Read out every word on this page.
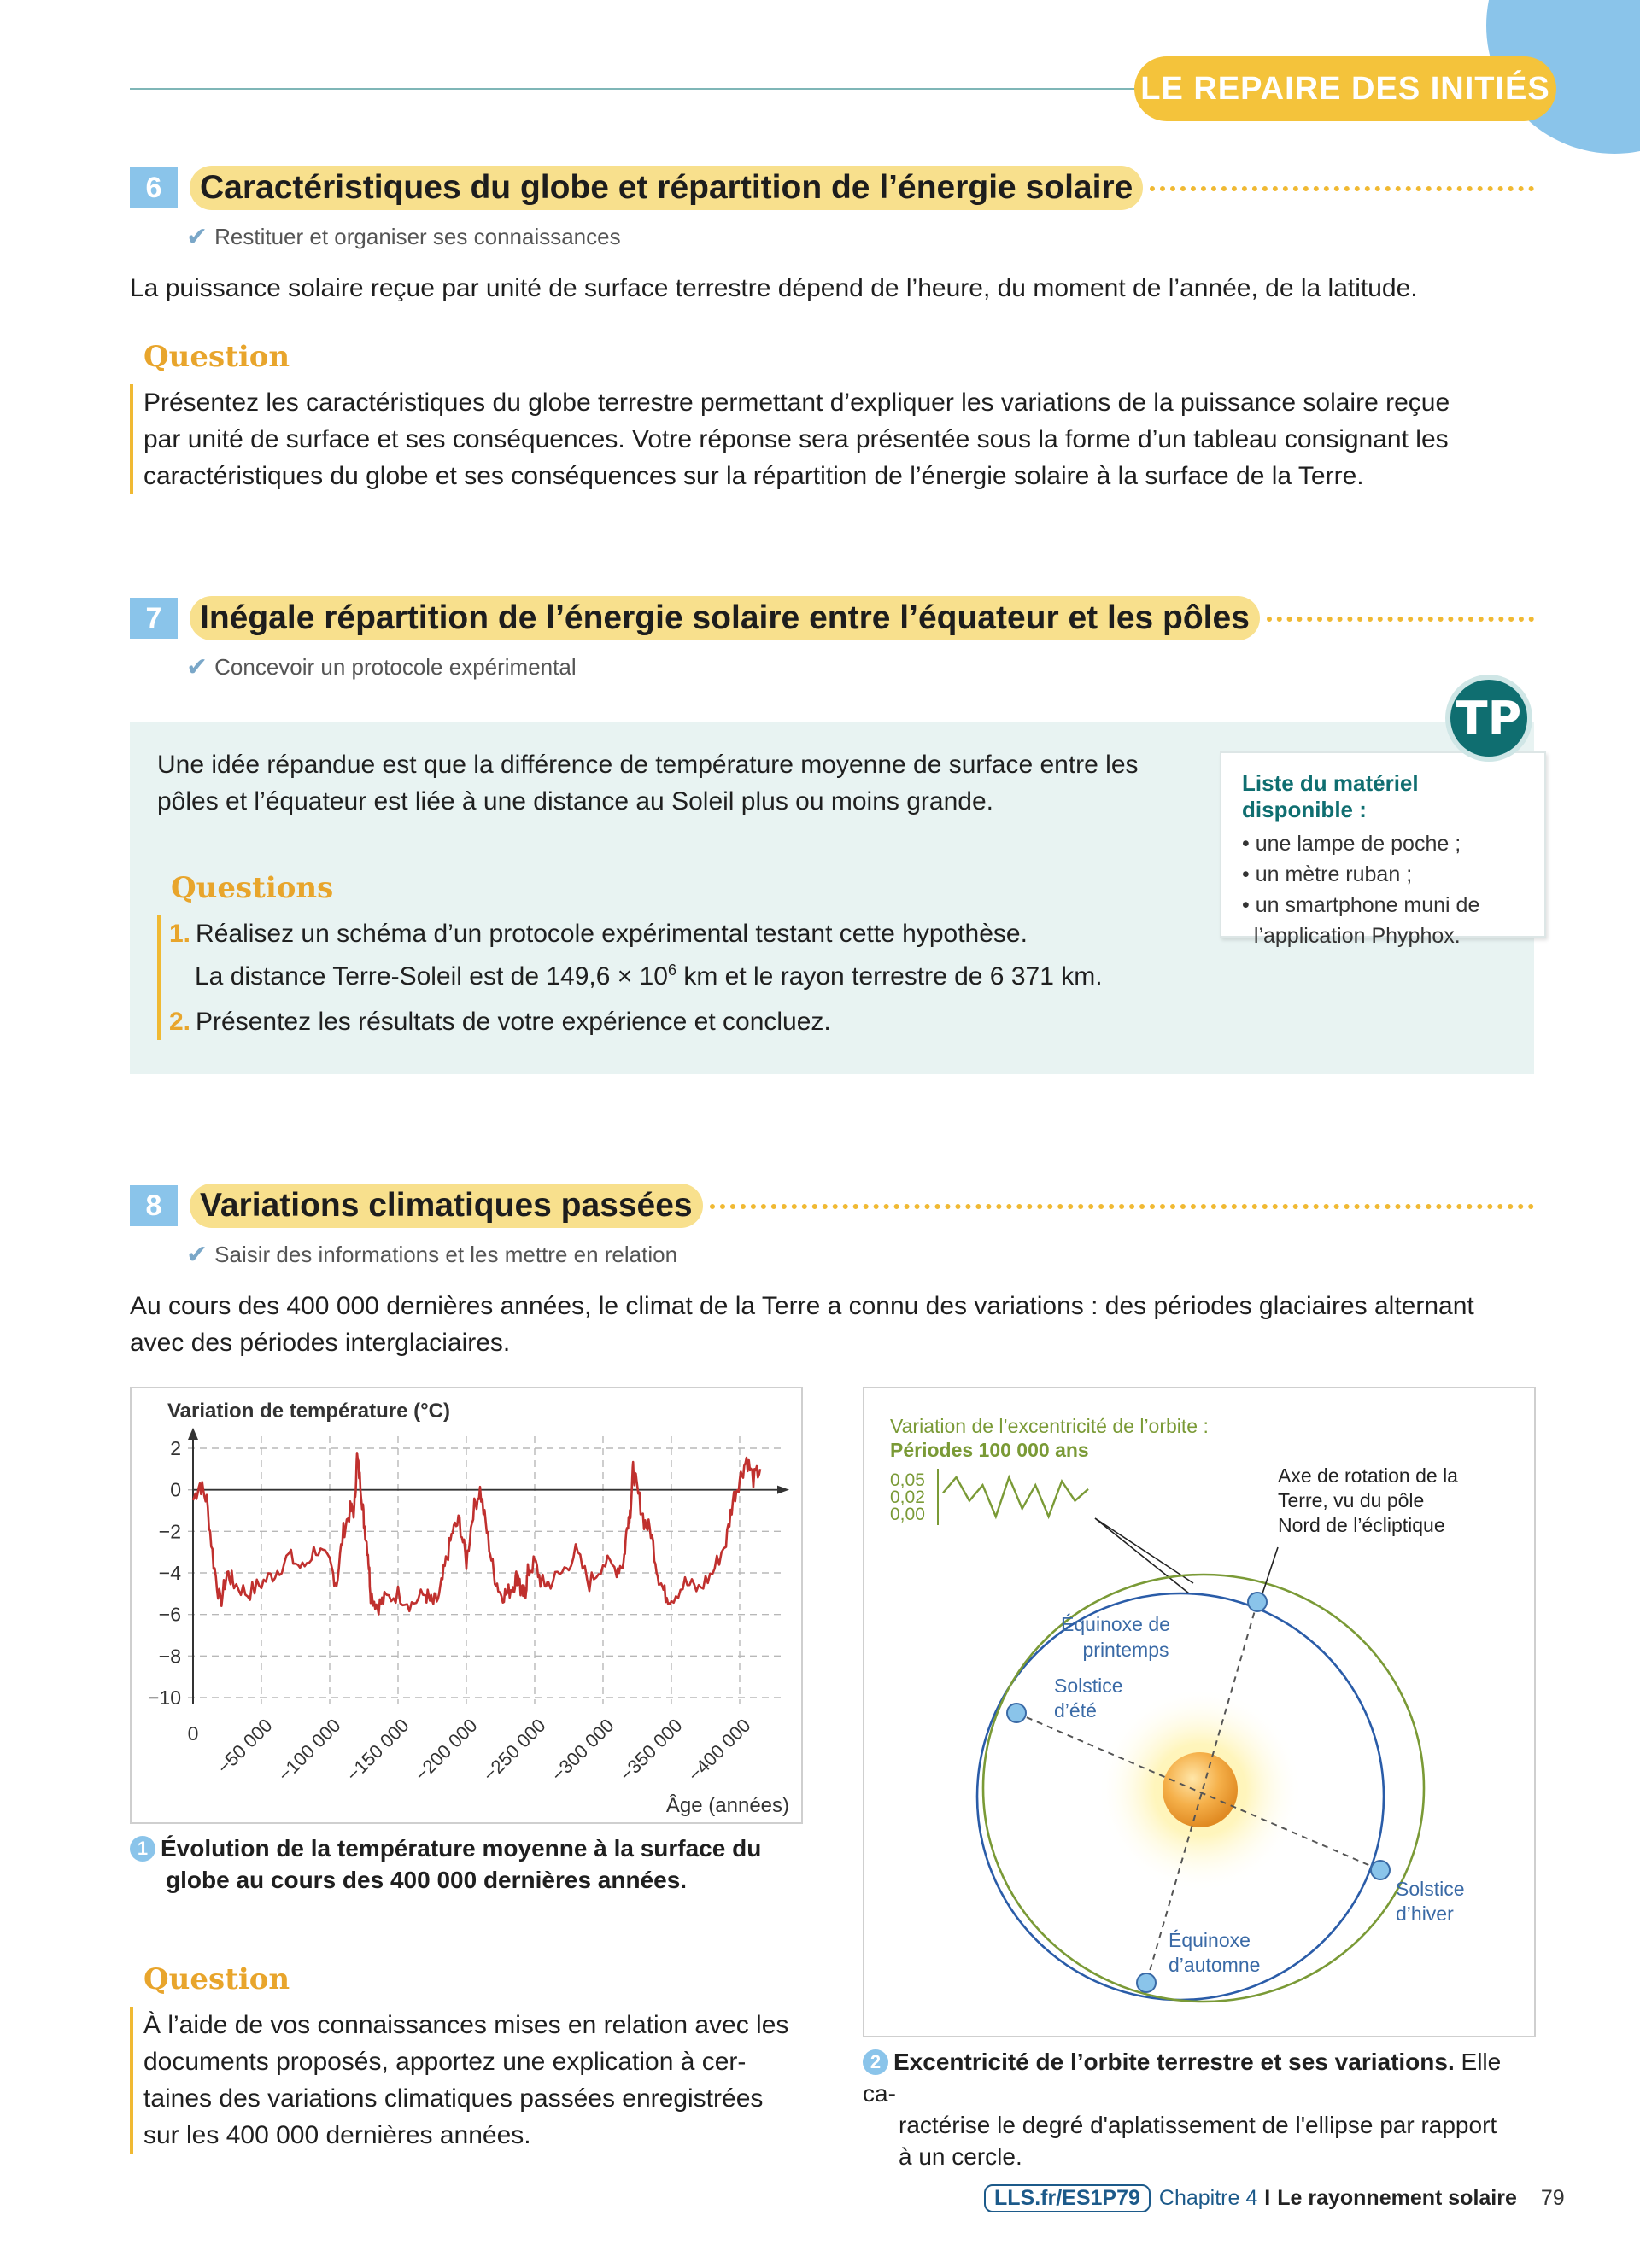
LE REPAIRE DES INITIÉS
6	Caractéristiques du globe et répartition de l’énergie solaire
✔ Restituer et organiser ses connaissances
La puissance solaire reçue par unité de surface terrestre dépend de l’heure, du moment de l’année, de la latitude.
Question
Présentez les caractéristiques du globe terrestre permettant d’expliquer les variations de la puissance solaire reçue
par unité de surface et ses conséquences. Votre réponse sera présentée sous la forme d’un tableau consignant les
caractéristiques du globe et ses conséquences sur la répartition de l’énergie solaire à la surface de la Terre.
7	Inégale répartition de l’énergie solaire entre l’équateur et les pôles
✔ Concevoir un protocole expérimental
Une idée répandue est que la différence de température moyenne de surface entre les
pôles et l’équateur est liée à une distance au Soleil plus ou moins grande.
Questions
1. Réalisez un schéma d’un protocole expérimental testant cette hypothèse.
La distance Terre-Soleil est de $149,6 \times 10^6$ km et le rayon terrestre de 6 371 km.
2. Présentez les résultats de votre expérience et concluez.
Liste du matériel disponible :
• une lampe de poche ;
• un mètre ruban ;
• un smartphone muni de
l’application Phyphox.
TP
8	Variations climatiques passées
✔ Saisir des informations et les mettre en relation
Au cours des 400 000 dernières années, le climat de la Terre a connu des variations : des périodes glaciaires alternant
avec des périodes interglaciaires.
Variation de température (°C)
2
0
−2
−4
−6
−8
−10
0 −50 000
−100 000
−150 000
−200 000
−250 000
−300 000
−350 000
−400 000
Âge (années)
1 Évolution de la température moyenne à la surface du
globe au cours des 400 000 dernières années.
Question
À l’aide de vos connaissances mises en relation avec les
documents proposés, apportez une explication à cer-
taines des variations climatiques passées enregistrées
sur les 400 000 dernières années.
Variation de l’excentricité de l’orbite :
Périodes 100 000 ans
0,05
0,02
0,00
Axe de rotation de la
Terre, vu du pôle
Nord de l’écliptique
Équinoxe de
printemps
Solstice
d’été
Solstice
d’hiver
Équinoxe
d’automne
2 Excentricité de l’orbite terrestre et ses variations. Elle ca-
ractérise le degré d'aplatissement de l'ellipse par rapport
à un cercle.
LLS.fr/ES1P79 Chapitre 4 I Le rayonnement solaire 79
